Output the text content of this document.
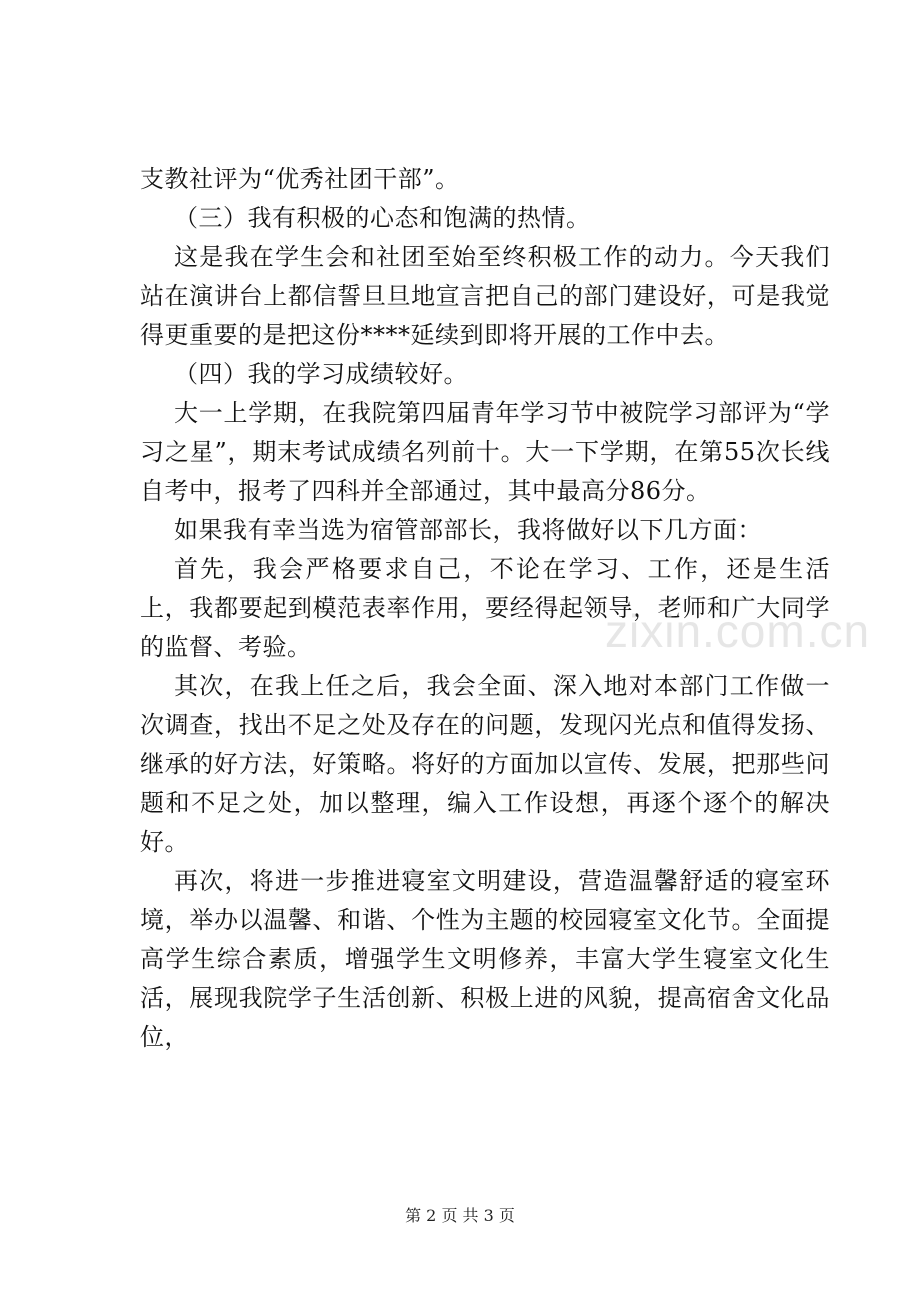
支教社评为“优秀社团干部”。

（三）我有积极的心态和饱满的热情。

这是我在学生会和社团至始至终积极工作的动力。今天我们站在演讲台上都信誓旦旦地宣言把自己的部门建设好，可是我觉得更重要的是把这份****延续到即将开展的工作中去。

（四）我的学习成绩较好。

大一上学期，在我院第四届青年学习节中被院学习部评为“学习之星”，期末考试成绩名列前十。大一下学期，在第55次长线自考中，报考了四科并全部通过，其中最高分86分。

如果我有幸当选为宿管部部长，我将做好以下几方面：

首先，我会严格要求自己，不论在学习、工作，还是生活上，我都要起到模范表率作用，要经得起领导，老师和广大同学的监督、考验。

其次，在我上任之后，我会全面、深入地对本部门工作做一次调查，找出不足之处及存在的问题，发现闪光点和值得发扬、继承的好方法，好策略。将好的方面加以宣传、发展，把那些问题和不足之处，加以整理，编入工作设想，再逐个逐个的解决好。

再次，将进一步推进寝室文明建设，营造温馨舒适的寝室环境，举办以温馨、和谐、个性为主题的校园寝室文化节。全面提高学生综合素质，增强学生文明修养，丰富大学生寝室文化生活，展现我院学子生活创新、积极上进的风貌，提高宿舍文化品位，

zixin.com.cn
第 2 页 共 3 页
